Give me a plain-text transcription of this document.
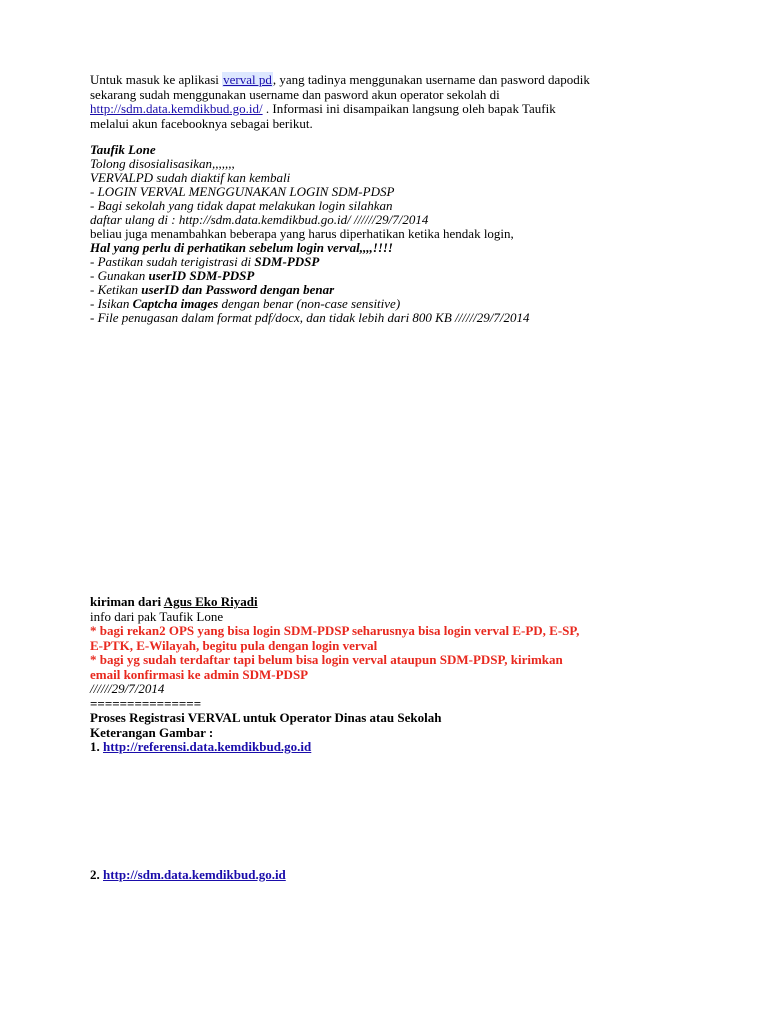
Untuk masuk ke aplikasi verval pd, yang tadinya menggunakan username dan pasword dapodik
sekarang sudah menggunakan username dan pasword akun operator sekolah di
http://sdm.data.kemdikbud.go.id/ . Informasi ini disampaikan langsung oleh bapak Taufik
melalui akun facebooknya sebagai berikut.
Taufik Lone
Tolong disosialisasikan,,,,,,,
VERVALPD sudah diaktif kan kembali
- LOGIN VERVAL MENGGUNAKAN LOGIN SDM-PDSP
- Bagi sekolah yang tidak dapat melakukan login silahkan
daftar ulang di : http://sdm.data.kemdikbud.go.id/ //////29/7/2014
beliau juga menambahkan beberapa yang harus diperhatikan ketika hendak login,
Hal yang perlu di perhatikan sebelum login verval,,,,!!!!
- Pastikan sudah terigistrasi di SDM-PDSP
- Gunakan userID SDM-PDSP
- Ketikan userID dan Password dengan benar
- Isikan Captcha images dengan benar (non-case sensitive)
- File penugasan dalam format pdf/docx, dan tidak lebih dari 800 KB //////29/7/2014
kiriman dari Agus Eko Riyadi
info dari pak Taufik Lone
* bagi rekan2 OPS yang bisa login SDM-PDSP seharusnya bisa login verval E-PD, E-SP,
E-PTK, E-Wilayah, begitu pula dengan login verval
* bagi yg sudah terdaftar tapi belum bisa login verval ataupun SDM-PDSP, kirimkan
email konfirmasi ke admin SDM-PDSP
//////29/7/2014
===============
Proses Registrasi VERVAL untuk Operator Dinas atau Sekolah
Keterangan Gambar :
1. http://referensi.data.kemdikbud.go.id
2. http://sdm.data.kemdikbud.go.id
